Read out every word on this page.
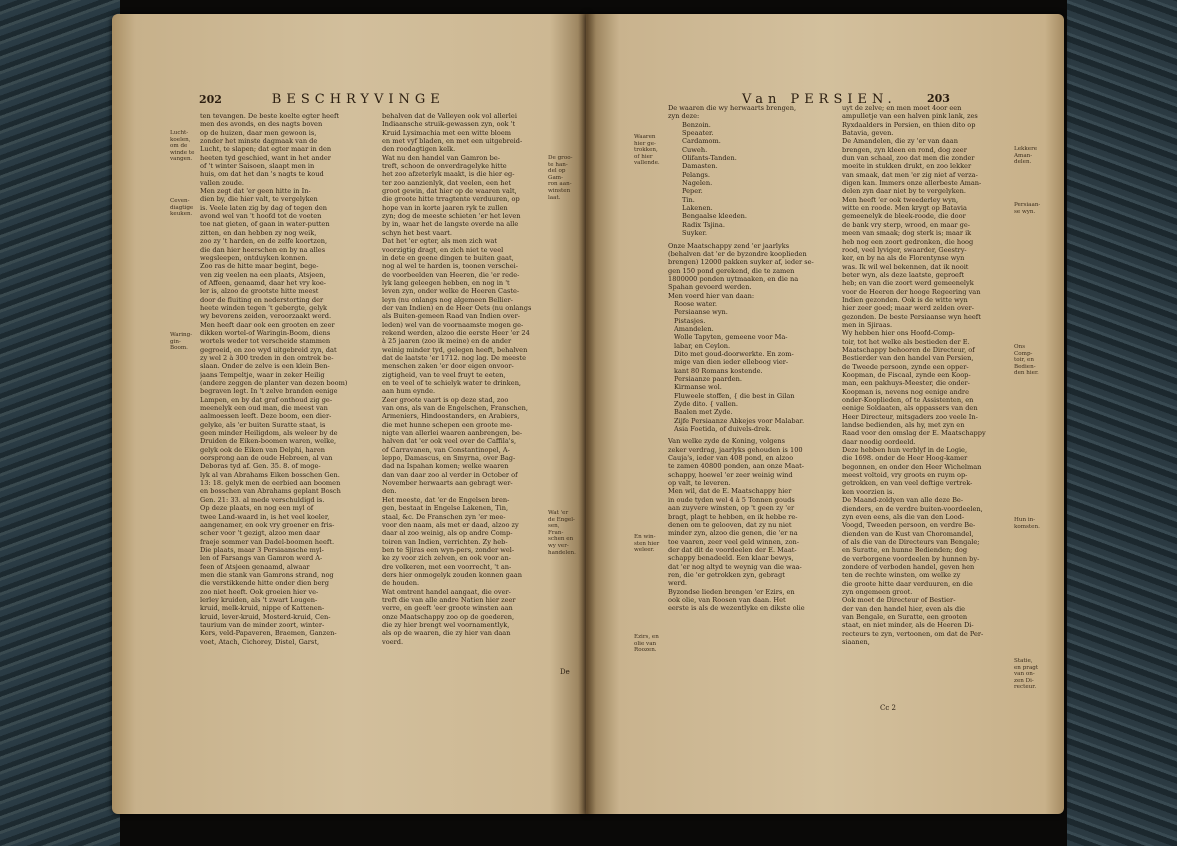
202	BESCHRYVINGE

Lucht-

koelen,

om de

winde te

vangen.

Ceven-

diagtige

keuken.

Waring-

gin-

Boom.

ten tevangen. De beste koelte egter heeft

men des avonds, en des nagts boven

op de huizen, daar men gewoon is,

zonder het minste dagmaak van de

Lucht, te slapen; dat egter maar in den

heeten tyd geschied, want in het ander

of 't winter Saisoen, slaapt men in

huis, om dat het dan 's nagts te koud

vallen zoude.

Men zegt dat 'er geen hitte in In-

dien by, die hier valt, te vergelyken

is. Veele laten zig by dag of tegen den

avond wel van 't hoofd tot de voeten

toe nat gieten, of gaan in water-putten

zitten, en dan hebben zy nog weik,

zoo zy 't harden, en de zelfe koortzen,

die dan hier heerschen en by na alles

wegsleepen, ontduyken konnen.

Zoo ras de hitte maar begint, bege-

ven zig veelen na een plaats, Atsjeen,

of Affeen, genaamd, daar het vry koe-

ler is, alzoo de grootste hitte meest

door de fluiting en nederstorting der

heete winden tegen 't gebergte, gelyk

wy bevorens zeiden, veroorzaakt werd.

Men heeft daar ook een grooten en zeer

dikken wortel-of Waringin-Boom, diens

wortels weder tot verscheide stammen

gegroeid, en zoo wyd uitgebreid zyn, dat

zy wel 2 à 300 treden in den omtrek be-

slaan. Onder de zelve is een klein Ben-

jaans Tempeltje, waar in zeker Heilig

(andere zeggen de planter van dezen boom)

begraven legt. In 't zelve branden eenige

Lampen, en by dat graf onthoud zig ge-

meenelyk een oud man, die meest van

aalmoessen leeft. Deze boom, een dier-

gelyke, als 'er buiten Suratte staat, is

geen minder Heiligdom, als weleer by de

Druiden de Eiken-boomen waren, welke,

gelyk ook de Eiken van Delphi, haren

oorsprong aan de oude Hebreen, al van

Deboras tyd af. Gen. 35. 8. of moge-

lyk al van Abrahams Eiken bosschen Gen.

13: 18. gelyk men de eerbied aan boomen

en bosschen van Abrahams geplant Bosch

Gen. 21: 33. al mede verschuldigd is.

Op deze plaats, en nog een myl of

twee Land-waard in, is het veel koeler,

aangenamer, en ook vry groener en fris-

scher voor 't gezigt, alzoo men daar

fraeje sommer van Dadel-boomen heeft.

Die plaats, maar 3 Persiaansche myl-

len of Farsangs van Gamron werd A-

feen of Atsjeen genaamd, alwaar

men die stank van Gamrons strand, nog

die verstikkende hitte onder dien berg

zoo niet heeft. Ook groeien hier ve-

lerley kruiden, als 't zwart Lougen-

kruid, melk-kruid, nippe of Kattenen-

kruid, lever-kruid, Mosterd-kruid, Cen-

taurium van de minder zoort, winter-

Kers, veld-Papaveren, Braemen, Ganzen-

voet, Atach, Cichorey, Distel, Garst,

behalven dat de Valleyen ook vol allerlei

Indiaansche struik-gewassen zyn, ook 't

Kruid Lysimachia met een witte bloem

en met vyf bladen, en met een uitgebreid-

den roodagtigen kelk.

Wat nu den handel van Gamron be-

treft, schoon de onverdragelyke hitte

het zoo afzeterlyk maakt, is die hier eg-

ter zoo aanzienlyk, dat veelen, een het

groot gewin, dat hier op de waaren valt,

die groote hitte trragtente verduuren, op

hope van in korte jaaren ryk te zullen

zyn; dog de meeste schieten 'er het leven

by in, waar het de langste overde na alle

schyn het best vaart.

Dat het 'er egter, als men zich wat

voorzigtig dragt, en zich niet te veel

in dete en geene dingen te buiten gaat,

nog al wel te harden is, toonen verschei-

de voorbeelden van Heeren, die 'er rede-

lyk lang geleegen hebben, en nog in 't

leven zyn, onder welke de Heeren Caste-

leyn (nu onlangs nog algemeen Bellier-

der van Indien) en de Heer Oets (nu onlangs

als Buiten-gemeen Raad van Indien over-

leden) wel van de voornaamste mogen ge-

rekend werden, alzoo die eerste Heer 'er 24

à 25 jaaren (zoo ik meine) en de ander

weinig minder tyd, gelegen heeft, behalven

dat de laatste 'er 1712. nog lag. De meeste

menschen zaken 'er door eigen onvoor-

zigtigheid, van te veel fruyt te eeten,

en te veel of te schielyk water te drinken,

aan hum eynde.

Zeer groote vaart is op deze stad, zoo

van ons, als van de Engelschen, Franschen,

Armeniers, Hindoostanders, en Arabiers,

die met hunne schepen een groote me-

nigte van allerlei waaren aanbrengen, be-

halven dat 'er ook veel over de Caffila's,

of Carravanen, van Constantinopel, A-

leppo, Damascus, en Smyrna, over Bag-

dad na Ispahan komen; welke waaren

dan van daar zoo al verder in October of

November herwaarts aan gebragt wer-

den.

Het meeste, dat 'er de Engelsen bren-

gen, bestaat in Engelse Lakenen, Tin,

staal, &c. De Franschen zyn 'er mee-

voor den naam, als met er daad, alzoo zy

daar al zoo weinig, als op andre Comp-

toiren van Indien, verrichten. Zy heb-

ben te Sjiras een wyn-pers, zonder wel-

ke zy voor zich zelven, en ook voor an-

dre volkeren, met een voorrecht, 't an-

ders hier onmogelyk zouden konnen gaan

de houden.

Wat omtrent handel aangaat, die over-

treft die van alle andre Natien hier zeer

verre, en geeft 'eer groote winsten aan

onze Maatschappy zoo op de goederen,

die zy hier brengt wel voornamentlyk,

als op de waaren, die zy hier van daan

voerd.

De groo-

te han-

del op

Gam-

ron aan-

winsten

laat.

Wat 'er

de Engel-

sen,

Fran-

schen en

wy ver-

handelen.

De
Van PERSIEN.	203

Waaren

hier ge-

trokken,

of hier

vallende.

En win-

sten hier

weleer.

Ezirs, en

olie van

Roozen.

De waaren die wy herwaarts brengen,

zyn deze:

Benzoin.

Speaater.

Cardamom.

Cuweh.

Olifants-Tanden.

Damasten.

Pelangs.

Nagelen.

Peper.

Tin.

Lakenen.

Bengaalse kleeden.

Radix Tsjina.

Suyker.

Onze Maatschappy zend 'er jaarlyks

(behalven dat 'er de byzondre kooplieden

brengen) 12000 pakken suyker af, ieder se-

gen 150 pond gerekend, die te zamen

1800000 ponden uytmaaken, en die na

Spahan gevoerd werden.

Men voerd hier van daan:

Roose water.

Persiaanse wyn.

Pistasjes.

Amandelen.

Wolle Tapyten, gemeene voor Ma-

labar, en Ceylon.

Dito met goud-doorwerkte. En zom-

mige van dien ieder elleboog vier-

kant 80 Romans kostende.

Persiaanze paarden.

Kirmanse wol.

Fluweele stoffen, { die best in Gilan

Zyde dito. { vallen.

Baalen met Zyde.

Zijfe Persiaanze Abkejes voor Malabar.

Asia Foetida, of duivels-drek.

Van welke zyde de Koning, volgens

zeker verdrag, jaarlyks gehouden is 100

Cauja's, ieder van 408 pond, en alzoo

te zamen 40800 ponden, aan onze Maat-

schappy, hoewel 'er zeer weinig wind

op valt, te leveren.

Men wil, dat de E. Maatschappy hier

in oude tyden wel 4 à 5 Tonnen gouds

aan zuyvere winsten, op 't geen zy 'er

bragt, plagt te hebben, en ik hebbe re-

denen om te gelooven, dat zy nu niet

minder zyn, alzoo die genen, die 'er na

toe vaaren, zeer veel geld winnen, zon-

der dat dit de voordeelen der E. Maat-

schappy benadeeld. Een klaar bewys,

dat 'er nog altyd te weynig van die waa-

ren, die 'er getrokken zyn, gebragt

werd.

Byzondse lieden brengen 'er Ezirs, en

ook olie, van Roosen van daan. Het

eerste is als de wezentlyke en dikste olie

uyt de zelve; en men moet 4oor een

ampulletje van een halven pink lank, zes

Ryxdaalders in Persien, en thien dito op

Batavia, geven.

De Amandelen, die zy 'er van daan

brengen, zyn kleen en rond, dog zeer

dun van schaal, zoo dat men die zonder

moeite in stukken drukt, en zoo lekker

van smaak, dat men 'er zig niet af verza-

digen kan. Immers onze allerbeste Aman-

delen zyn daar niet by te vergelyken.

Men heeft 'er ook tweederley wyn,

witte en roode. Men krygt op Batavia

gemeenelyk de bleek-roode, die door

de bank vry sterp, wrood, en maar ge-

meen van smaak; dog sterk is; maar ik

heb nog een zoort gedronken, die hoog

rood, veel lyviger, swaarder, Geestry-

ker, en by na als de Florentynse wyn

was. Ik wil wel bekennen, dat ik nooit

beter wyn, als deze laatste, geproeft

heb; en van die zoort werd gemeenelyk

voor de Heeren der hooge Regeering van

Indien gezonden. Ook is de witte wyn

hier zeer goed; maar werd zelden over-

gezonden. De beste Persiaanse wyn heeft

men in Sjiraas.

Wy hebben hier ons Hoofd-Comp-

toir, tot het welke als bestieden der E.

Maatschappy behooren de Directeur, of

Bestierder van den handel van Persien,

de Tweede persoon, zynde een opper-

Koopman, de Fiscaal, zynde een Koop-

man, een pakhuys-Meester, die onder-

Koopman is, nevens nog eenige andre

onder-Kooplieden, of te Assistenten, en

eenige Soldaaten, als oppassers van den

Heer Directeur, mitsgaders zoo veele In-

landse bedienden, als hy, met zyn en

Raad voor den omslag der E. Maatschappy

daar noodig oordeeld.

Deze hebben hun verblyf in de Logie,

die 1698. onder de Heer Hoog-kamer

begonnen, en onder den Heer Wichelman

meest voltoid, vry groots en ruym op-

getrokken, en van veel deftige vertrek-

ken voorzien is.

De Maand-zoldyen van alle deze Be-

dienders, en de verdre buiten-voordeelen,

zyn even eens, als die van den Lood-

Voogd, Tweeden persoon, en verdre Be-

dienden van de Kust van Choromandel,

of als die van de Directeurs van Bengale;

en Suratte, en hunne Bedienden; dog

de verborgene voordeelen by hunnen by-

zondere of verboden handel, geven hen

ten de rechte winsten, om welke zy

die groote hitte daar verduuren, en die

zyn ongemeen groot.

Ook moet de Directeur of Bestier-

der van den handel hier, even als die

van Bengale, en Suratte, een grooten

staat, en niet minder, als de Heeren Di-

recteurs te zyn, vertoonen, om dat de Per-

siaanen,

Lekkere

Aman-

delen.

Persiaan-

se wyn.

Ons

Comp-

toir, en

Bedien-

den hier.

Hun in-

komsten.

Statie,

en pragt

van on-

zen Di-

recteur.

Cc 2
